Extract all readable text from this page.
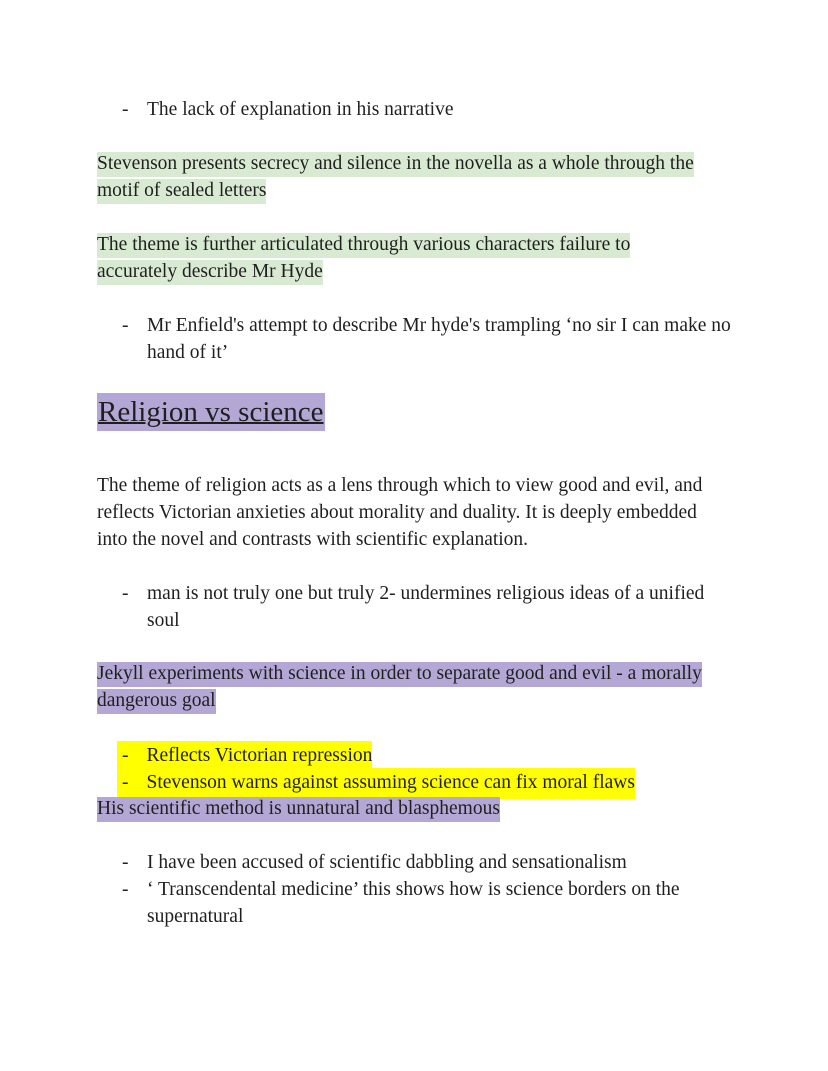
- The lack of explanation in his narrative
Stevenson presents secrecy and silence in the novella as a whole through the
motif of sealed letters
The theme is further articulated through various characters failure to
accurately describe Mr Hyde
- Mr Enfield's attempt to describe Mr hyde's trampling ‘no sir I can make no
hand of it’
Religion vs science
The theme of religion acts as a lens through which to view good and evil, and
reflects Victorian anxieties about morality and duality. It is deeply embedded
into the novel and contrasts with scientific explanation.
- man is not truly one but truly 2- undermines religious ideas of a unified
soul
Jekyll experiments with science in order to separate good and evil - a morally
dangerous goal
- Reflects Victorian repression
- Stevenson warns against assuming science can fix moral flaws
His scientific method is unnatural and blasphemous
- I have been accused of scientific dabbling and sensationalism
- ‘ Transcendental medicine’ this shows how is science borders on the
supernatural
